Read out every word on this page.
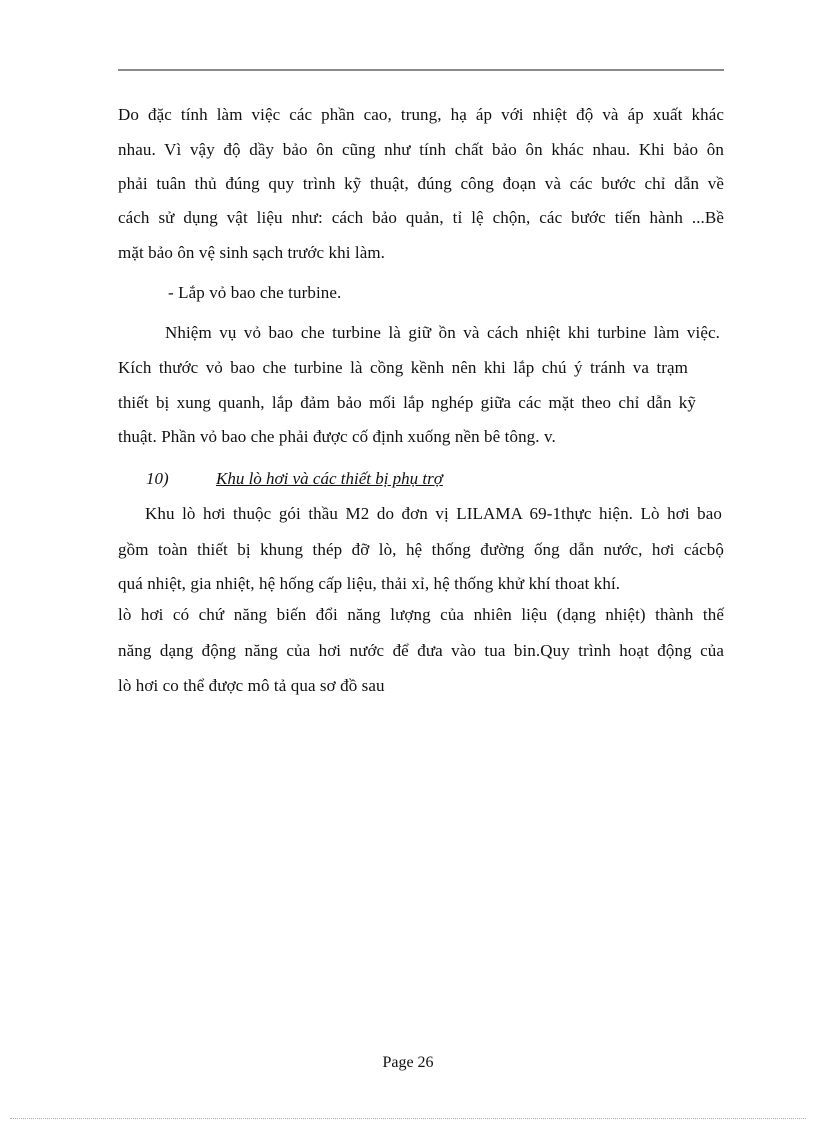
Do đặc tính làm việc các phần cao, trung, hạ áp với nhiệt độ và áp xuất khác
nhau. Vì vậy độ dầy bảo ôn cũng như tính chất bảo ôn khác nhau. Khi bảo ôn
phải tuân thủ đúng quy trình kỹ thuật, đúng công đoạn và các bước chỉ dẫn về
cách sử dụng vật liệu như: cách bảo quản, tỉ lệ chộn, các bước tiến hành ...Bề
mặt bảo ôn vệ sinh sạch trước khi làm.
- Lắp vỏ bao che turbine.
Nhiệm vụ vỏ bao che turbine là giữ ồn và cách nhiệt khi turbine làm việc.
Kích thước vỏ bao che turbine là cồng kềnh nên khi lắp chú ý tránh va trạm
thiết bị xung quanh, lắp đảm bảo mối lắp nghép giữa các mặt theo chỉ dẫn kỹ
thuật. Phần vỏ bao che phải được cố định xuống nền bê tông. v.
10)	Khu lò hơi và các thiết bị phụ trợ
Khu lò hơi thuộc gói thầu M2 do đơn vị LILAMA 69-1thực hiện. Lò hơi bao
gồm toàn thiết bị khung thép đỡ lò, hệ thống đường ống dẫn nước, hơi cácbộ
quá nhiệt, gia nhiệt, hệ hống cấp liệu, thải xỉ, hệ thống khử khí thoat khí.
lò hơi có chứ năng biến đổi năng lượng của nhiên liệu (dạng nhiệt) thành thế
năng dạng động năng của hơi nước để đưa vào tua bin.Quy trình hoạt động của
lò hơi co thể được mô tả qua sơ đồ sau
Page 26
